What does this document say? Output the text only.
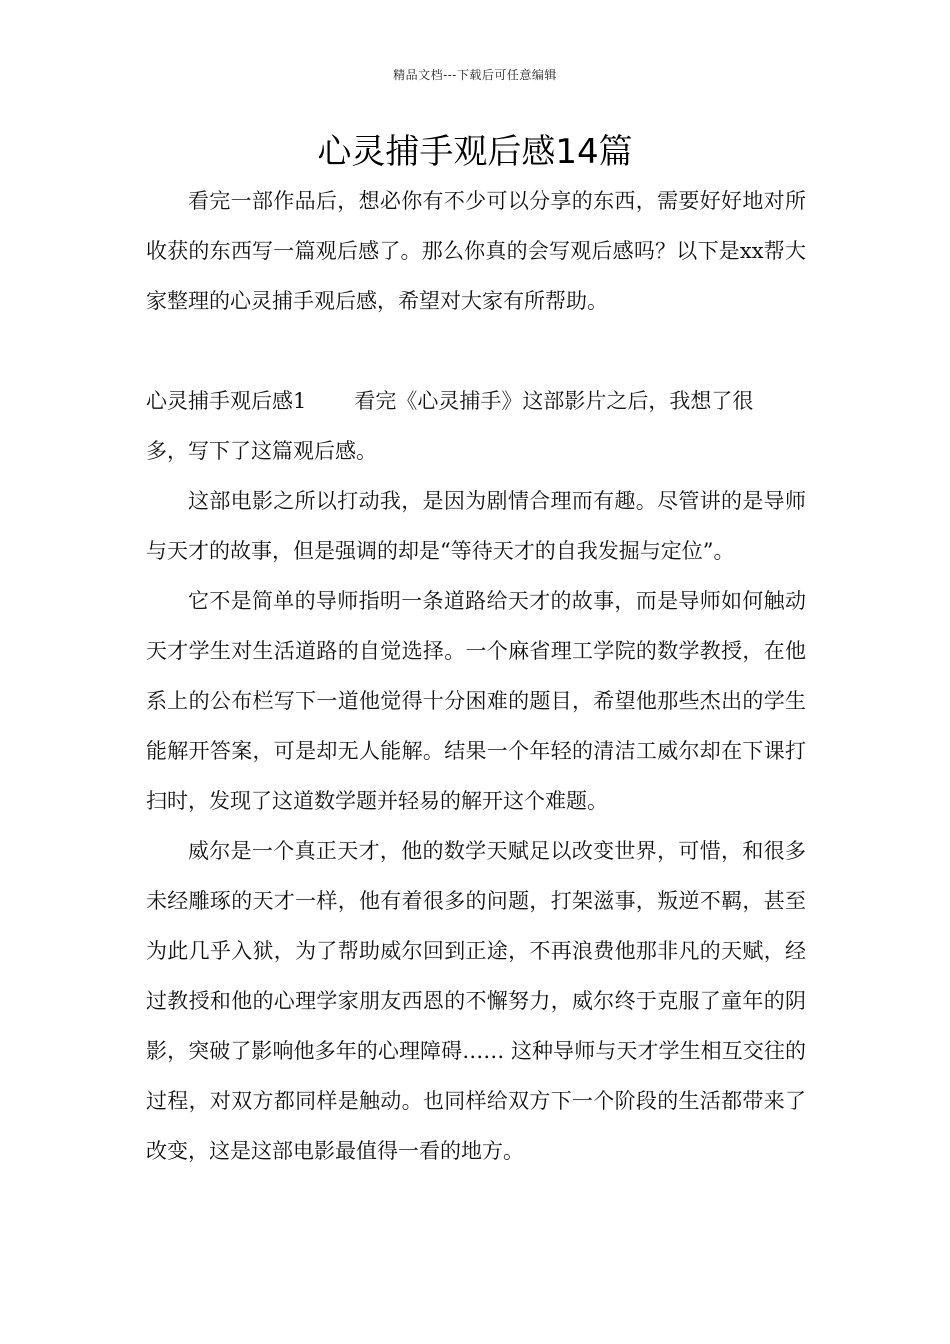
精品文档---下载后可任意编辑
心灵捕手观后感14篇

看完一部作品后，想必你有不少可以分享的东西，需要好好地对所收获的东西写一篇观后感了。那么你真的会写观后感吗？以下是xx帮大家整理的心灵捕手观后感，希望对大家有所帮助。

心灵捕手观后感1 看完《心灵捕手》这部影片之后，我想了很

多，写下了这篇观后感。

这部电影之所以打动我，是因为剧情合理而有趣。尽管讲的是导师与天才的故事，但是强调的却是“等待天才的自我发掘与定位”。

它不是简单的导师指明一条道路给天才的故事，而是导师如何触动天才学生对生活道路的自觉选择。一个麻省理工学院的数学教授，在他系上的公布栏写下一道他觉得十分困难的题目，希望他那些杰出的学生能解开答案，可是却无人能解。结果一个年轻的清洁工威尔却在下课打扫时，发现了这道数学题并轻易的解开这个难题。

威尔是一个真正天才，他的数学天赋足以改变世界，可惜，和很多未经雕琢的天才一样，他有着很多的问题，打架滋事，叛逆不羁，甚至为此几乎入狱，为了帮助威尔回到正途，不再浪费他那非凡的天赋，经过教授和他的心理学家朋友西恩的不懈努力，威尔终于克服了童年的阴影，突破了影响他多年的心理障碍…… 这种导师与天才学生相互交往的过程，对双方都同样是触动。也同样给双方下一个阶段的生活都带来了改变，这是这部电影最值得一看的地方。
